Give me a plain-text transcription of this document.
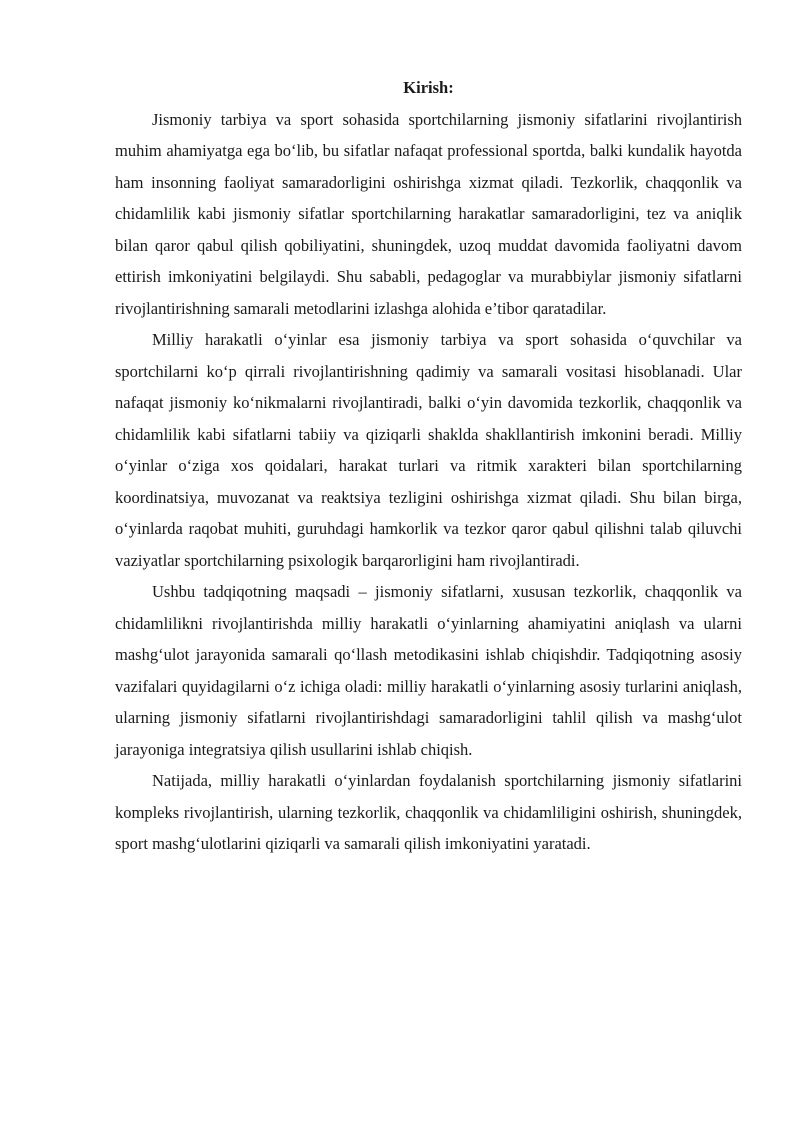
Kirish:

Jismoniy tarbiya va sport sohasida sportchilarning jismoniy sifatlarini rivojlantirish muhim ahamiyatga ega bo‘lib, bu sifatlar nafaqat professional sportda, balki kundalik hayotda ham insonning faoliyat samaradorligini oshirishga xizmat qiladi. Tezkorlik, chaqqonlik va chidamlilik kabi jismoniy sifatlar sportchilarning harakatlar samaradorligini, tez va aniqlik bilan qaror qabul qilish qobiliyatini, shuningdek, uzoq muddat davomida faoliyatni davom ettirish imkoniyatini belgilaydi. Shu sababli, pedagoglar va murabbiylar jismoniy sifatlarni rivojlantirishning samarali metodlarini izlashga alohida e’tibor qaratadilar.

Milliy harakatli o‘yinlar esa jismoniy tarbiya va sport sohasida o‘quvchilar va sportchilarni ko‘p qirrali rivojlantirishning qadimiy va samarali vositasi hisoblanadi. Ular nafaqat jismoniy ko‘nikmalarni rivojlantiradi, balki o‘yin davomida tezkorlik, chaqqonlik va chidamlilik kabi sifatlarni tabiiy va qiziqarli shaklda shakllantirish imkonini beradi. Milliy o‘yinlar o‘ziga xos qoidalari, harakat turlari va ritmik xarakteri bilan sportchilarning koordinatsiya, muvozanat va reaktsiya tezligini oshirishga xizmat qiladi. Shu bilan birga, o‘yinlarda raqobat muhiti, guruhdagi hamkorlik va tezkor qaror qabul qilishni talab qiluvchi vaziyatlar sportchilarning psixologik barqarorligini ham rivojlantiradi.

Ushbu tadqiqotning maqsadi – jismoniy sifatlarni, xususan tezkorlik, chaqqonlik va chidamlilikni rivojlantirishda milliy harakatli o‘yinlarning ahamiyatini aniqlash va ularni mashg‘ulot jarayonida samarali qo‘llash metodikasini ishlab chiqishdir. Tadqiqotning asosiy vazifalari quyidagilarni o‘z ichiga oladi: milliy harakatli o‘yinlarning asosiy turlarini aniqlash, ularning jismoniy sifatlarni rivojlantirishdagi samaradorligini tahlil qilish va mashg‘ulot jarayoniga integratsiya qilish usullarini ishlab chiqish.

Natijada, milliy harakatli o‘yinlardan foydalanish sportchilarning jismoniy sifatlarini kompleks rivojlantirish, ularning tezkorlik, chaqqonlik va chidamliligini oshirish, shuningdek, sport mashg‘ulotlarini qiziqarli va samarali qilish imkoniyatini yaratadi.
